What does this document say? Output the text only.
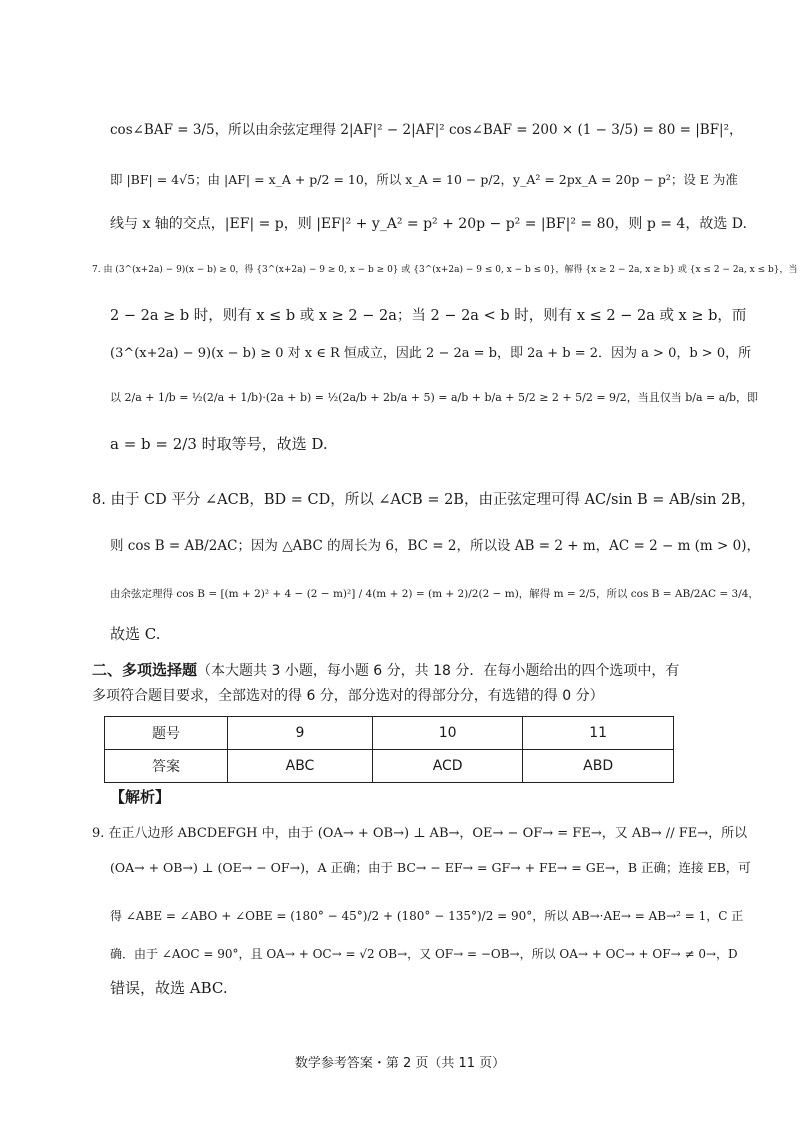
cos∠BAF = 3/5，所以由余弦定理得 2|AF|² − 2|AF|² cos∠BAF = 200 × (1 − 3/5) = 80 = |BF|²，
即 |BF| = 4√5；由 |AF| = x_A + p/2 = 10，所以 x_A = 10 − p/2，y_A² = 2px_A = 20p − p²；设 E 为准
线与 x 轴的交点，|EF| = p，则 |EF|² + y_A² = p² + 20p − p² = |BF|² = 80，则 p = 4，故选 D.
7. 由 (3^(x+2a) − 9)(x − b) ≥ 0，得 {3^(x+2a) − 9 ≥ 0, x − b ≥ 0} 或 {3^(x+2a) − 9 ≤ 0, x − b ≤ 0}，解得 {x ≥ 2 − 2a, x ≥ b} 或 {x ≤ 2 − 2a, x ≤ b}，当
2 − 2a ≥ b 时，则有 x ≤ b 或 x ≥ 2 − 2a；当 2 − 2a < b 时，则有 x ≤ 2 − 2a 或 x ≥ b，而
(3^(x+2a) − 9)(x − b) ≥ 0 对 x ∈ R 恒成立，因此 2 − 2a = b，即 2a + b = 2．因为 a > 0，b > 0，所
以 2/a + 1/b = ½(2/a + 1/b)·(2a + b) = ½(2a/b + 2b/a + 5) = a/b + b/a + 5/2 ≥ 2 + 5/2 = 9/2，当且仅当 b/a = a/b，即
a = b = 2/3 时取等号，故选 D.
8. 由于 CD 平分 ∠ACB，BD = CD，所以 ∠ACB = 2B，由正弦定理可得 AC/sin B = AB/sin 2B，
则 cos B = AB/2AC；因为 △ABC 的周长为 6，BC = 2，所以设 AB = 2 + m，AC = 2 − m (m > 0)，
由余弦定理得 cos B = [(m + 2)² + 4 − (2 − m)²] / 4(m + 2) = (m + 2)/2(2 − m)，解得 m = 2/5，所以 cos B = AB/2AC = 3/4，
故选 C.
二、多项选择题（本大题共 3 小题，每小题 6 分，共 18 分．在每小题给出的四个选项中，有
多项符合题目要求，全部选对的得 6 分，部分选对的得部分分，有选错的得 0 分）
题号	9	10	11
答案	ABC	ACD	ABD
【解析】
9. 在正八边形 ABCDEFGH 中，由于 (OA→ + OB→) ⊥ AB→，OE→ − OF→ = FE→，又 AB→ // FE→，所以
(OA→ + OB→) ⊥ (OE→ − OF→)，A 正确；由于 BC→ − EF→ = GF→ + FE→ = GE→，B 正确；连接 EB，可
得 ∠ABE = ∠ABO + ∠OBE = (180° − 45°)/2 + (180° − 135°)/2 = 90°，所以 AB→·AE→ = AB→² = 1，C 正
确．由于 ∠AOC = 90°，且 OA→ + OC→ = √2 OB→，又 OF→ = −OB→，所以 OA→ + OC→ + OF→ ≠ 0→，D
错误，故选 ABC.
数学参考答案・第 2 页（共 11 页）
